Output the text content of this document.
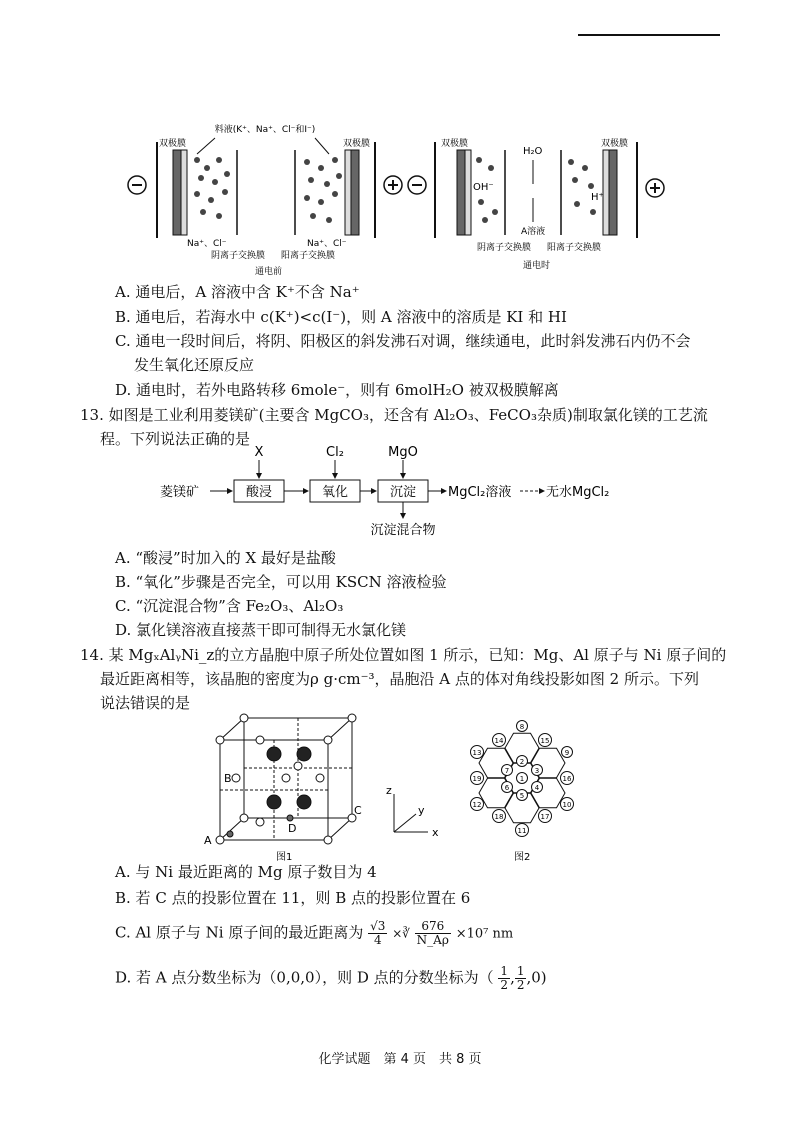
料液(K⁺、Na⁺、Cl⁻和I⁻)
双极膜	双极膜
Na⁺、Cl⁻	Na⁺、Cl⁻
阴离子交换膜 阳离子交换膜
通电前
双极膜	双极膜
H₂O
OH⁻
H⁺
A溶液
阴离子交换膜 阳离子交换膜
通电时
A. 通电后，A 溶液中含 K⁺不含 Na⁺
B. 通电后，若海水中 c(K⁺)<c(I⁻)，则 A 溶液中的溶质是 KI 和 HI
C. 通电一段时间后，将阴、阳极区的斜发沸石对调，继续通电，此时斜发沸石内仍不会
发生氧化还原反应
D. 通电时，若外电路转移 6mole⁻，则有 6molH₂O 被双极膜解离
13. 如图是工业利用菱镁矿(主要含 MgCO₃，还含有 Al₂O₃、FeCO₃杂质)制取氯化镁的工艺流
程。下列说法正确的是
菱镁矿	酸浸	氧化	沉淀 MgCl₂溶液	无水MgCl₂
X	Cl₂	MgO
沉淀混合物
A. “酸浸”时加入的 X 最好是盐酸
B. “氧化”步骤是否完全，可以用 KSCN 溶液检验
C. “沉淀混合物”含 Fe₂O₃、Al₂O₃
D. 氯化镁溶液直接蒸干即可制得无水氯化镁
14. 某 MgₓAlᵧNi_z的立方晶胞中原子所处位置如图 1 所示，已知：Mg、Al 原子与 Ni 原子间的
最近距离相等，该晶胞的密度为ρ g·cm⁻³，晶胞沿 A 点的体对角线投影如图 2 所示。下列
说法错误的是
A
B
C
D
图1
z
y
x
1
2
3
4
5
6
7
8
9
10
11
12
13
14	15
16
17
18
19
图2
A. 与 Ni 最近距离的 Mg 原子数目为 4
B. 若 C 点的投影位置在 11，则 B 点的投影位置在 6
C. Al 原子与 Ni 原子间的最近距离为 $\frac{√3}{4}$ ×∛ $\frac{676}{N\_A\rho} \times 10^7$ nm
D. 若 A 点分数坐标为（0,0,0），则 D 点的分数坐标为（ $\frac{1}{2}$ , $\frac{1}{2} ,0$)
化学试题　第 4 页　共 8 页
